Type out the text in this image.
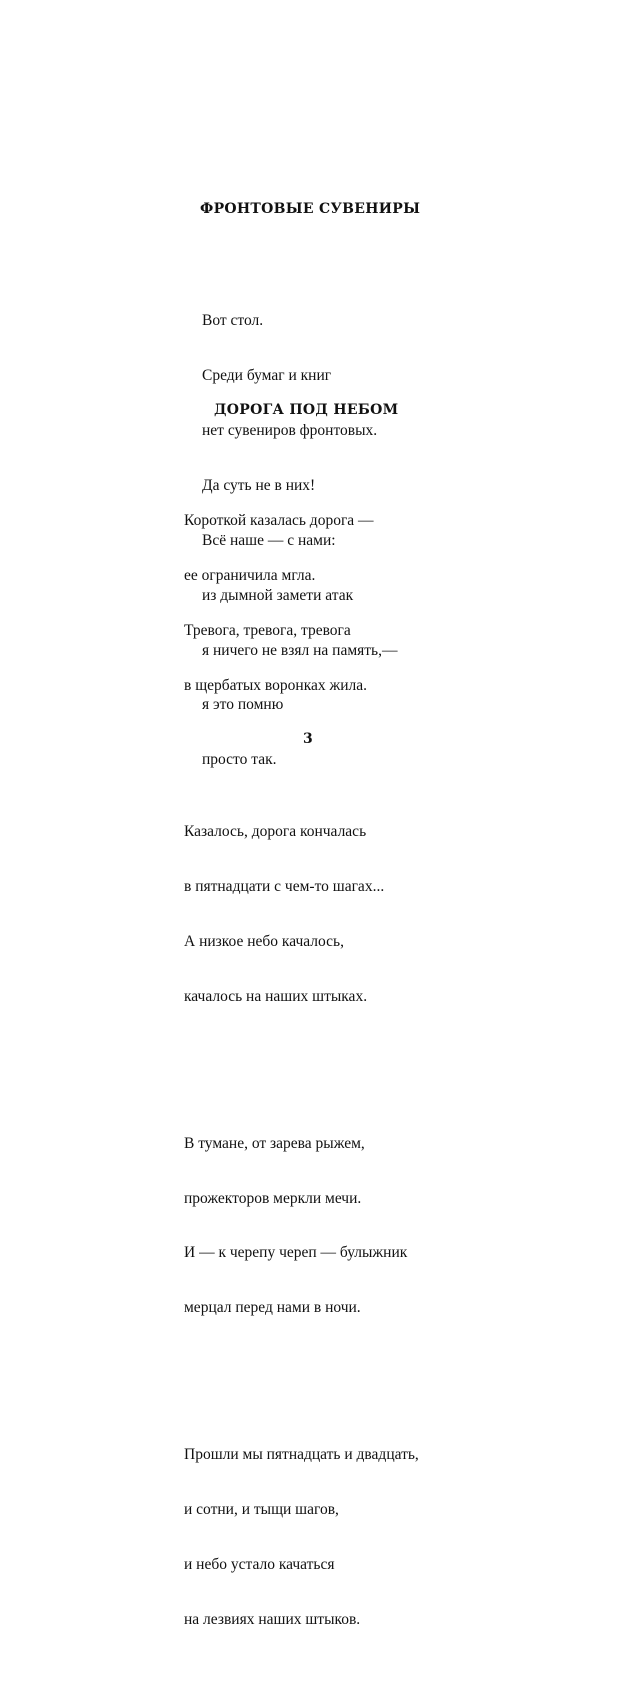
ФРОНТОВЫЕ СУВЕНИРЫ

Вот стол.

Среди бумаг и книг

нет сувениров фронтовых.

Да суть не в них!

Всё наше — с нами:

из дымной замети атак

я ничего не взял на память,—

я это помню

просто так.

ДОРОГА ПОД НЕБОМ

Короткой казалась дорога —

ее ограничила мгла.

Тревога, тревога, тревога

в щербатых воронках жила.

Казалось, дорога кончалась

в пятнадцати с чем-то шагах...

А низкое небо качалось,

качалось на наших штыках.

В тумане, от зарева рыжем,

прожекторов меркли мечи.

И — к черепу череп — булыжник

мерцал перед нами в ночи.

Прошли мы пятнадцать и двадцать,

и сотни, и тыщи шагов,

и небо устало качаться

на лезвиях наших штыков.

3
